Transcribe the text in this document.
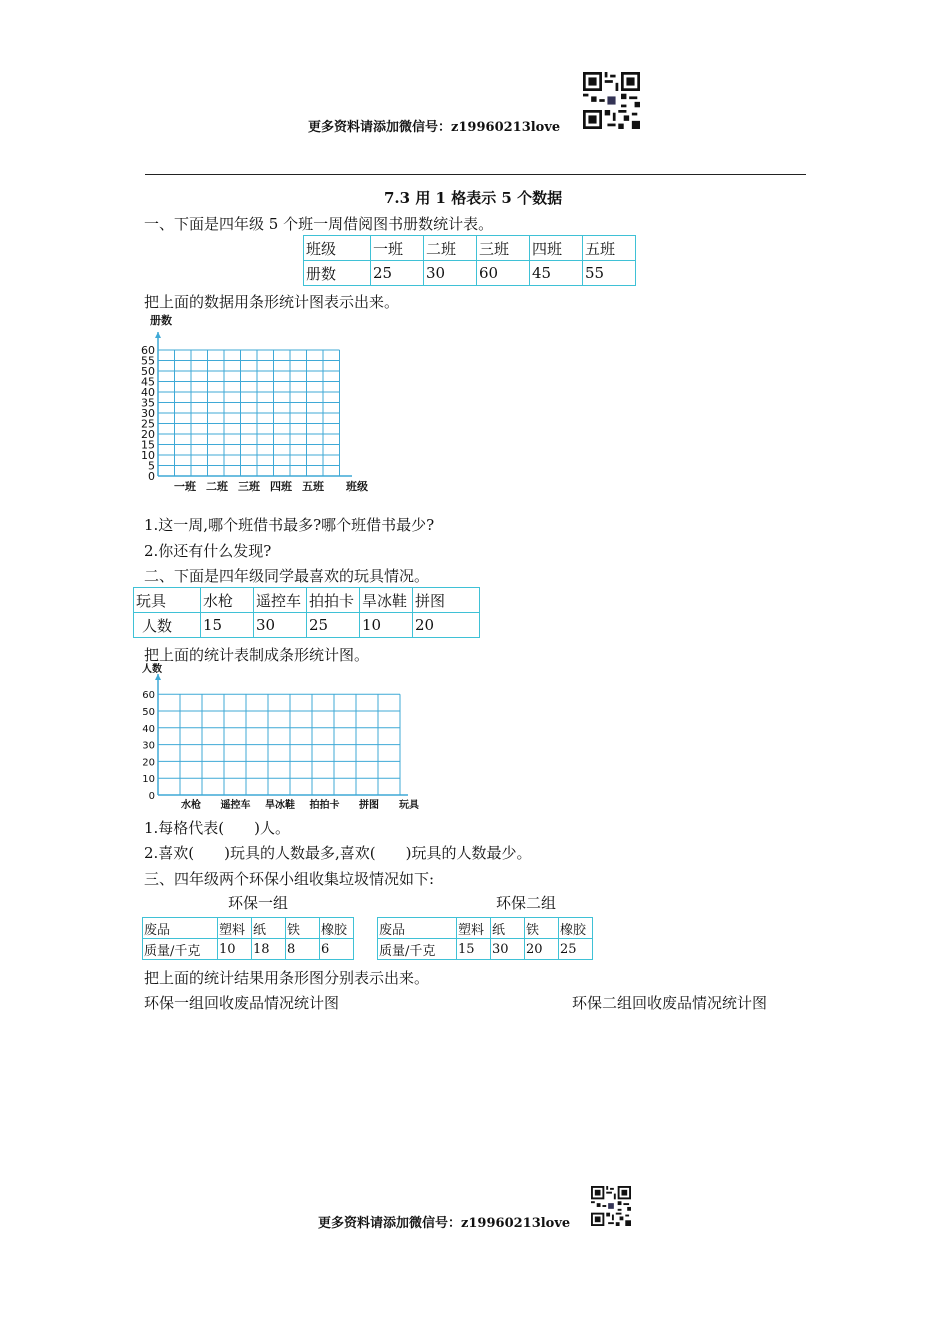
更多资料请添加微信号：z19960213love
7.3 用 1 格表示 5 个数据
一、下面是四年级 5 个班一周借阅图书册数统计表。
班级	一班	二班	三班	四班	五班
册数	25	30	60	45	55
把上面的数据用条形统计图表示出来。
0
5
10
15
20
25
30
35
40
45
50
55
60
册数
一班 二班 三班 四班 五班 班级
1.这一周,哪个班借书最多?哪个班借书最少?
2.你还有什么发现?
二、下面是四年级同学最喜欢的玩具情况。
玩具	水枪	遥控车	拍拍卡	旱冰鞋	拼图
人数	15	30	25	10	20
把上面的统计表制成条形统计图。
0
10
20
30
40
50
60
人数
水枪 遥控车 旱冰鞋 拍拍卡 拼图 玩具
1.每格代表(　　)人。
2.喜欢(　　)玩具的人数最多,喜欢(　　)玩具的人数最少。
三、四年级两个环保小组收集垃圾情况如下:
环保一组	环保二组
废品	塑料	纸	铁	橡胶
质量/千克	10	18	8	6
废品	塑料	纸	铁	橡胶
质量/千克	15	30	20	25
把上面的统计结果用条形图分别表示出来。
环保一组回收废品情况统计图	环保二组回收废品情况统计图
更多资料请添加微信号：z19960213love
